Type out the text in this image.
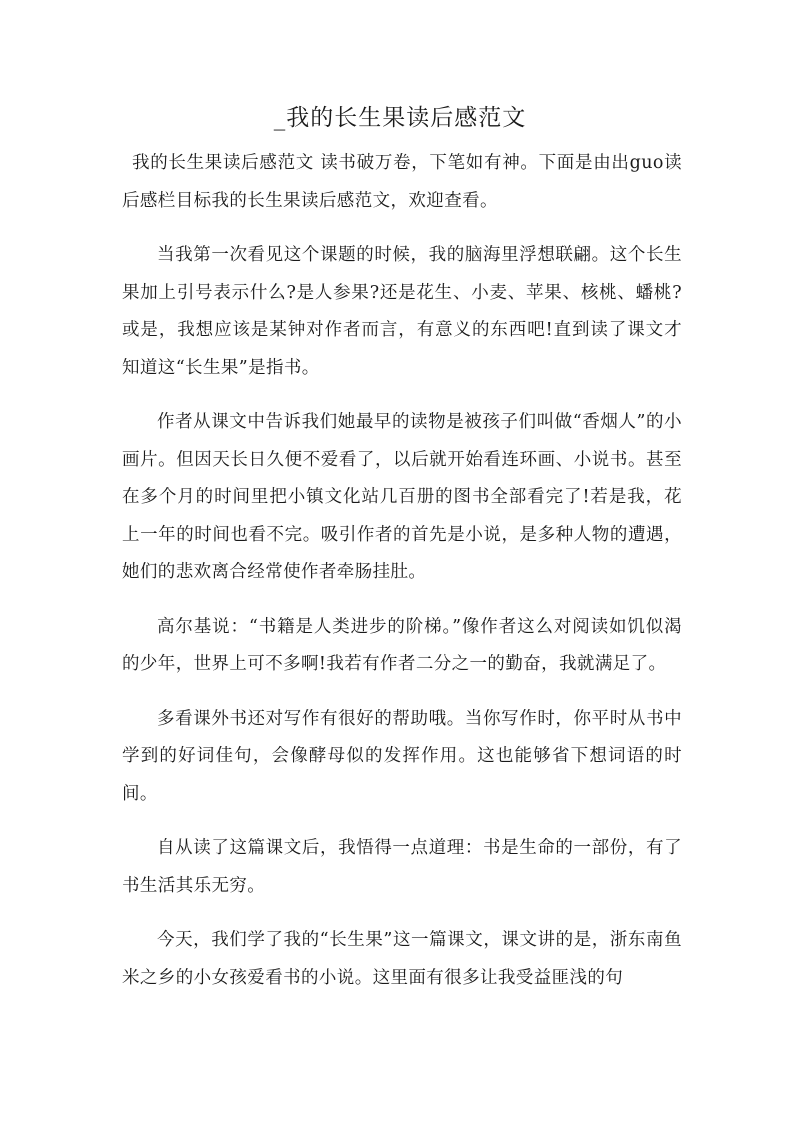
_我的长生果读后感范文

我的长生果读后感范文 读书破万卷，下笔如有神。下面是由出guo读后感栏目标我的长生果读后感范文，欢迎查看。

当我第一次看见这个课题的时候，我的脑海里浮想联翩。这个长生果加上引号表示什么?是人参果?还是花生、小麦、苹果、核桃、蟠桃?或是，我想应该是某钟对作者而言，有意义的东西吧!直到读了课文才知道这“长生果”是指书。

作者从课文中告诉我们她最早的读物是被孩子们叫做“香烟人”的小画片。但因天长日久便不爱看了，以后就开始看连环画、小说书。甚至在多个月的时间里把小镇文化站几百册的图书全部看完了!若是我，花上一年的时间也看不完。吸引作者的首先是小说，是多种人物的遭遇，她们的悲欢离合经常使作者牵肠挂肚。

高尔基说：“书籍是人类进步的阶梯。”像作者这么对阅读如饥似渴的少年，世界上可不多啊!我若有作者二分之一的勤奋，我就满足了。

多看课外书还对写作有很好的帮助哦。当你写作时，你平时从书中学到的好词佳句，会像酵母似的发挥作用。这也能够省下想词语的时间。

自从读了这篇课文后，我悟得一点道理：书是生命的一部份，有了书生活其乐无穷。

今天，我们学了我的“长生果”这一篇课文，课文讲的是，浙东南鱼米之乡的小女孩爱看书的小说。这里面有很多让我受益匪浅的句
